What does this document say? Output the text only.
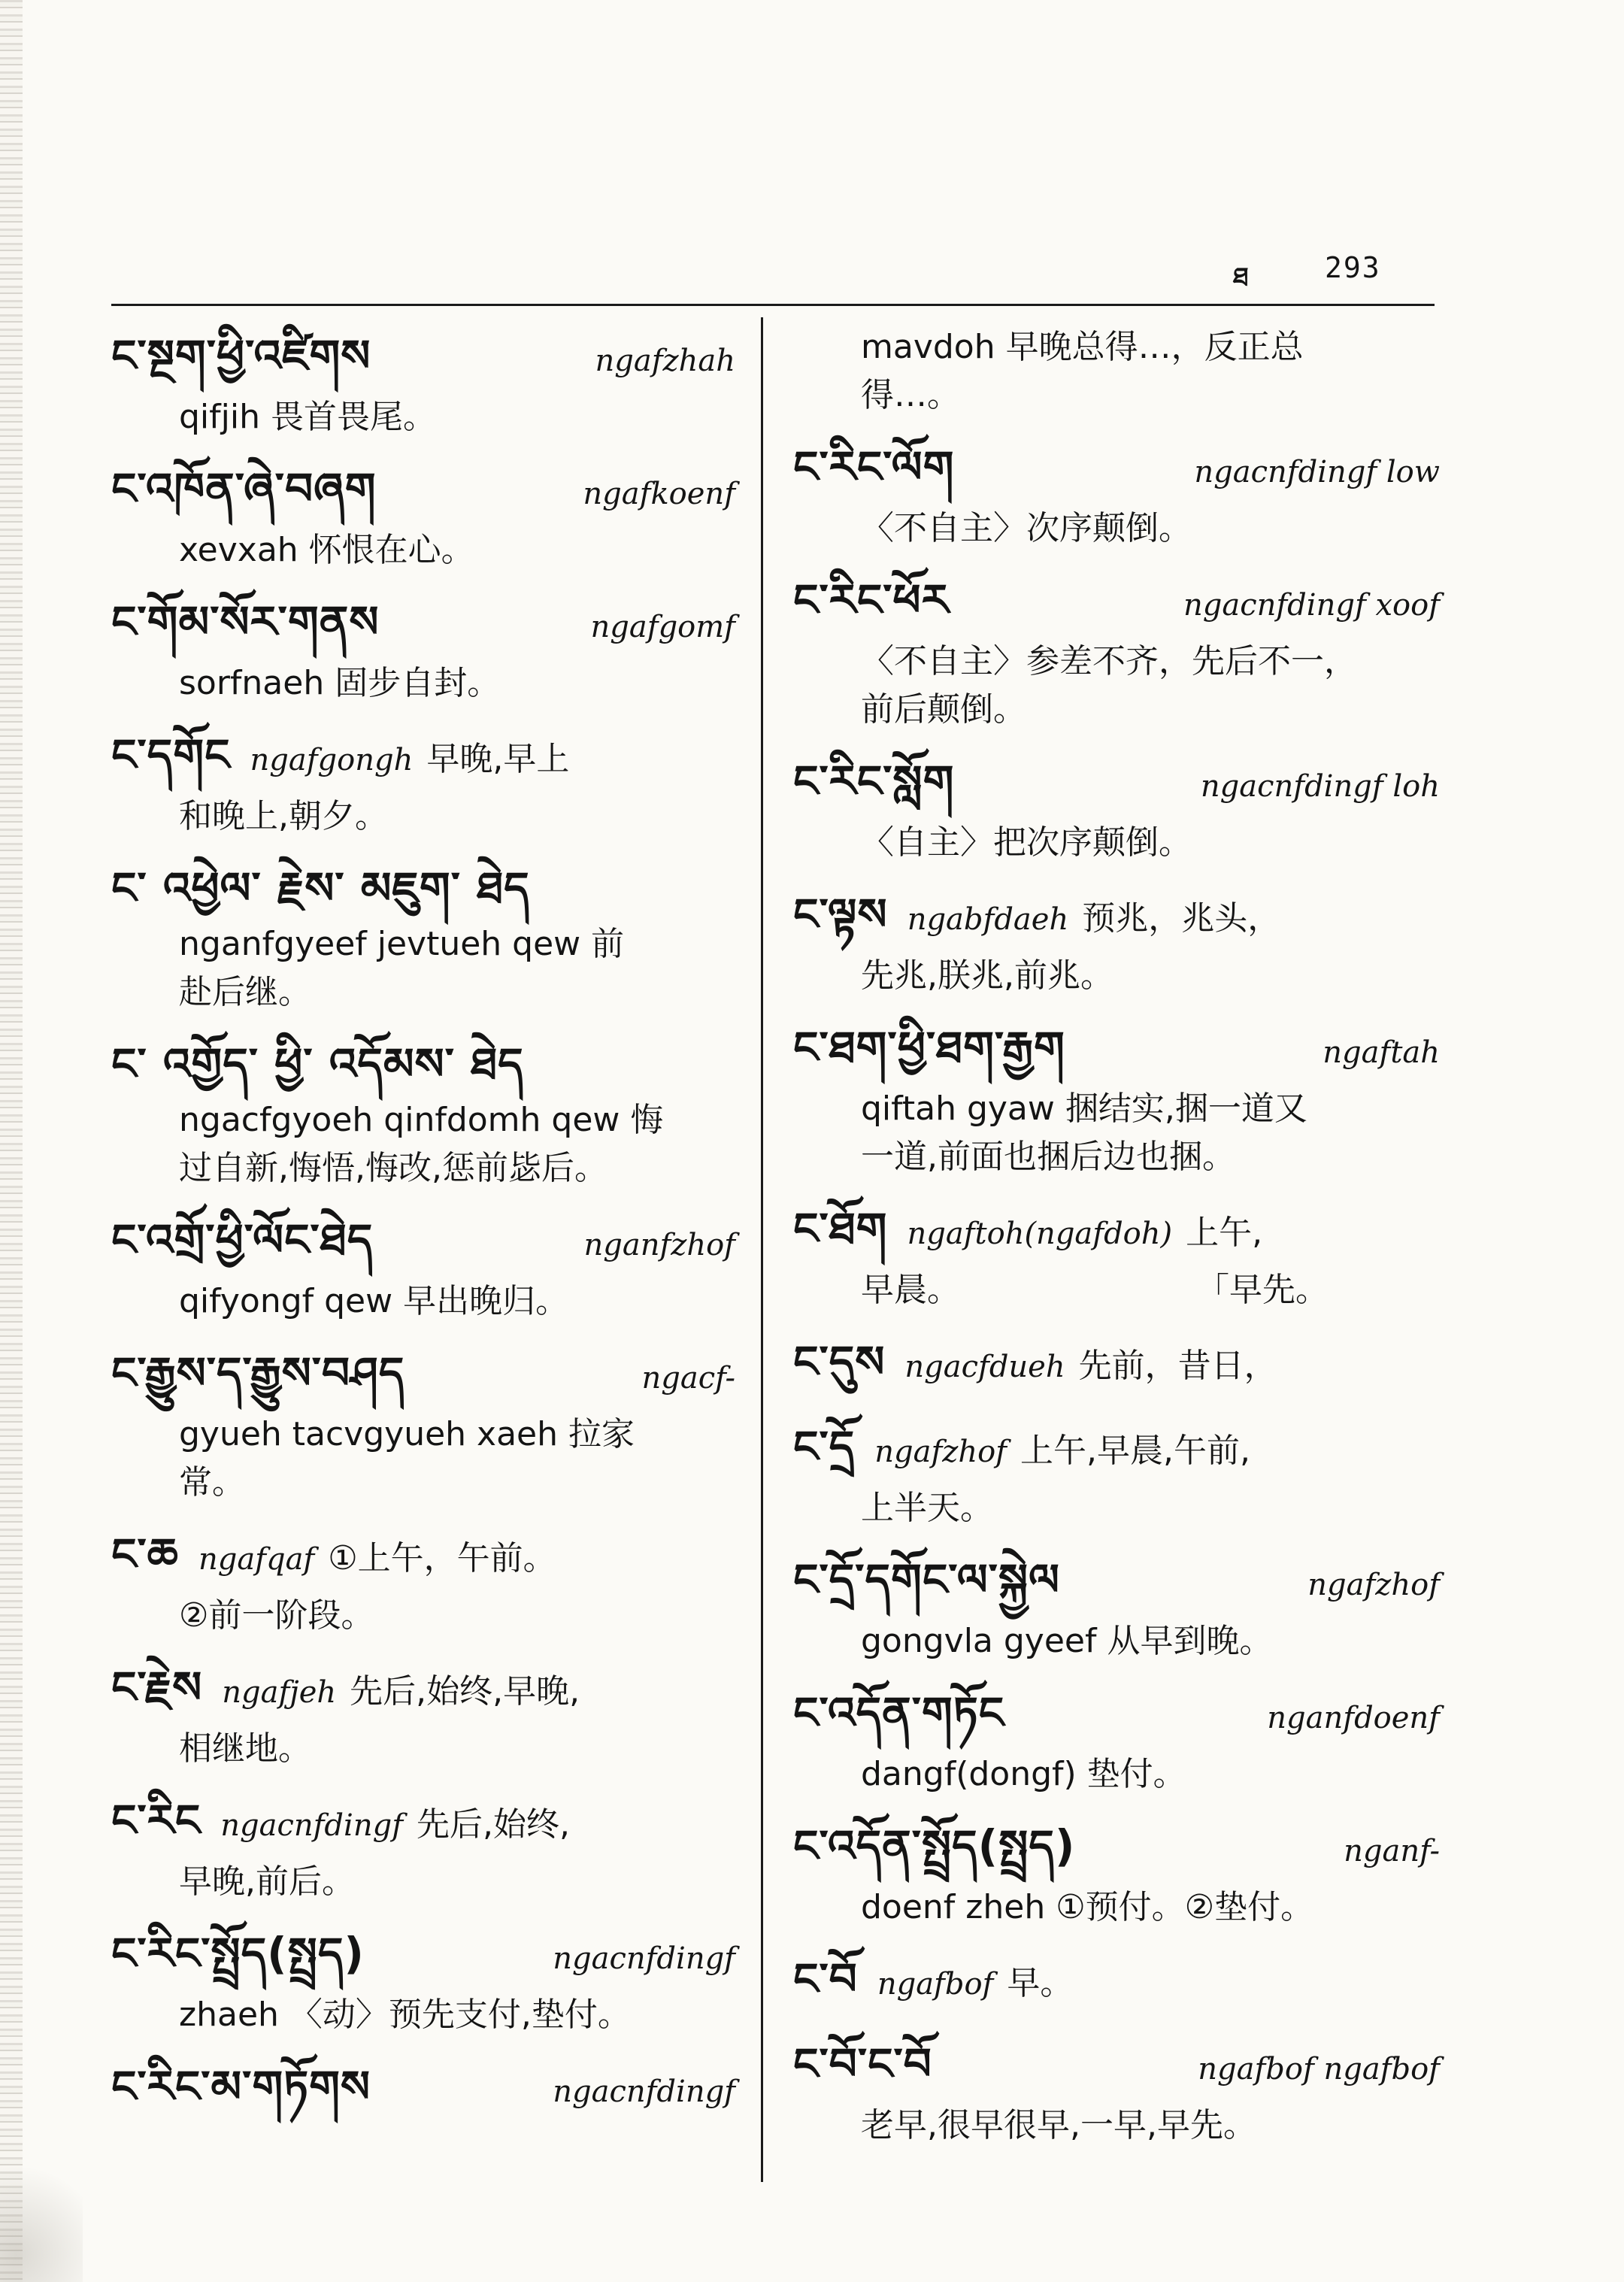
ཐ	293
ང་སྔག་ཕྱི་འཛིགས	ngafzhah
qifjih 畏首畏尾。
ང་འཁོན་ཞེ་བཞག	ngafkoenf
xevxah 怀恨在心。
ང་གོམ་སོར་གནས	ngafgomf
sorfnaeh 固步自封。
ང་དགོང ngafgongh 早晚,早上
和晚上,朝夕。
ང་ འཕྱེལ་ རྗེས་ མཇུག་ ཐེད
nganfgyeef jevtueh qew 前
赴后继。
ང་ འགྱོད་ ཕྱི་ འདོམས་ ཐེད
ngacfgyoeh qinfdomh qew 悔
过自新,悔悟,悔改,惩前毖后。
ང་འགྲོ་ཕྱི་ལོང་ཐེད	nganfzhof
qifyongf qew 早出晚归。
ང་རྒྱུས་ད་རྒྱུས་བཤད	ngacf-
gyueh tacvgyueh xaeh 拉家
常。
ང་ཆ ngafqaf ①上午，午前。
②前一阶段。
ང་རྗེས ngafjeh 先后,始终,早晚,
相继地。
ང་རིང ngacnfdingf 先后,始终,
早晚,前后。
ང་རིང་སྤྲོད(སྤྲད)	ngacnfdingf
zhaeh 〈动〉预先支付,垫付。
ང་རིང་མ་གཏོགས	ngacnfdingf
mavdoh 早晚总得…，反正总
得…。
ང་རིང་ལོག	ngacnfdingf low
〈不自主〉次序颠倒。
ང་རིང་ཕོར	ngacnfdingf xoof
〈不自主〉参差不齐，先后不一，
前后颠倒。
ང་རིང་སློག	ngacnfdingf loh
〈自主〉把次序颠倒。
ང་ལྟས ngabfdaeh 预兆，兆头，
先兆,朕兆,前兆。
ང་ཐག་ཕྱི་ཐག་རྒྱག	ngaftah
qiftah gyaw 捆结实,捆一道又
一道,前面也捆后边也捆。
ང་ཐོག ngaftoh(ngafdoh) 上午,
早晨。	「早先。
ང་དུས ngacfdueh 先前，昔日，
ང་དྲོ ngafzhof 上午,早晨,午前,
上半天。
ང་དྲོ་དགོང་ལ་སྐྱེལ	ngafzhof
gongvla gyeef 从早到晚。
ང་འདོན་གཏོང	nganfdoenf
dangf(dongf) 垫付。
ང་འདོན་སྤྲོད(སྤྲད)	nganf-
doenf zheh ①预付。②垫付。
ང་བོ ngafbof 早。
ང་བོ་ང་བོ	ngafbof ngafbof
老早,很早很早,一早,早先。
